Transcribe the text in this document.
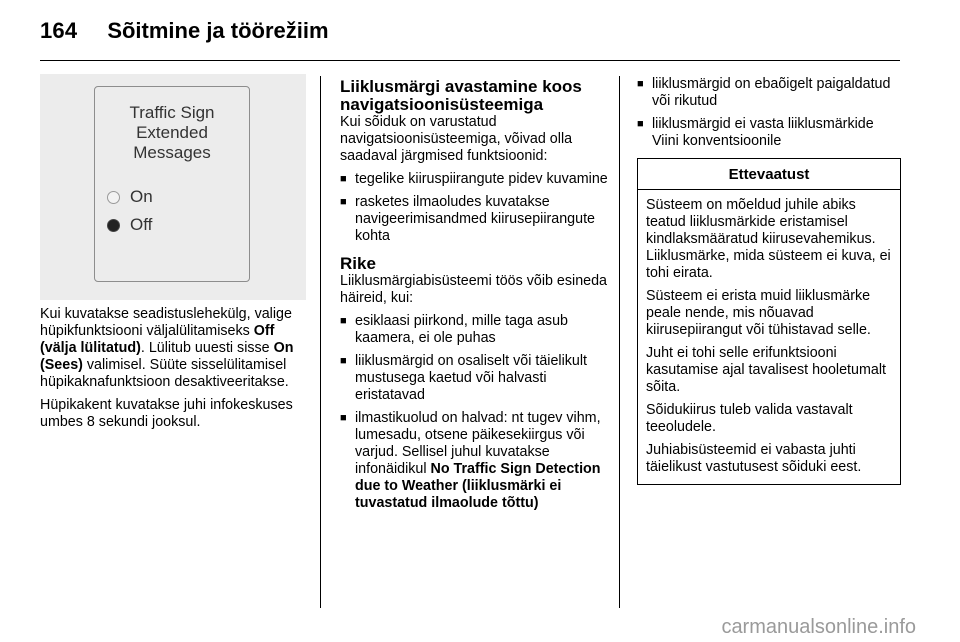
164 Sõitmine ja töörežiim
Traffic Sign
Extended
Messages
On
Off

Kui kuvatakse seadistuslehekülg, valige hüpikfunktsiooni väljalülitamiseks Off (välja lülitatud). Lülitub uuesti sisse On (Sees) valimisel. Süüte sisselülitamisel hüpikaknafunktsioon desaktiveeritakse.

Hüpikakent kuvatakse juhi infokeskuses umbes 8 sekundi jooksul.

Liiklusmärgi avastamine koos navigatsioonisüsteemiga

Kui sõiduk on varustatud navigatsioonisüsteemiga, võivad olla saadaval järgmised funktsioonid:

■ tegelike kiiruspiirangute pidev kuvamine
■ rasketes ilmaoludes kuvatakse navigeerimisandmed kiirusepiirangute kohta
Rike

Liiklusmärgiabisüsteemi töös võib esineda häireid, kui:

■ esiklaasi piirkond, mille taga asub kaamera, ei ole puhas
■ liiklusmärgid on osaliselt või täielikult mustusega kaetud või halvasti eristatavad
■ ilmastikuolud on halvad: nt tugev vihm, lumesadu, otsene päikesekiirgus või varjud. Sellisel juhul kuvatakse infonäidikul No Traffic Sign Detection due to Weather (liiklusmärki ei tuvastatud ilmaolude tõttu)
■ liiklusmärgid on ebaõigelt paigaldatud või rikutud
■ liiklusmärgid ei vasta liiklusmärkide Viini konventsioonile
Ettevaatust

Süsteem on mõeldud juhile abiks teatud liiklusmärkide eristamisel kindlaksmääratud kiirusevahemikus. Liiklusmärke, mida süsteem ei kuva, ei tohi eirata.

Süsteem ei erista muid liiklusmärke peale nende, mis nõuavad kiirusepiirangut või tühistavad selle.

Juht ei tohi selle erifunktsiooni kasutamise ajal tavalisest hooletumalt sõita.

Sõidukiirus tuleb valida vastavalt teeoludele.

Juhiabisüsteemid ei vabasta juhti täielikust vastutusest sõiduki eest.

carmanualsonline.info
